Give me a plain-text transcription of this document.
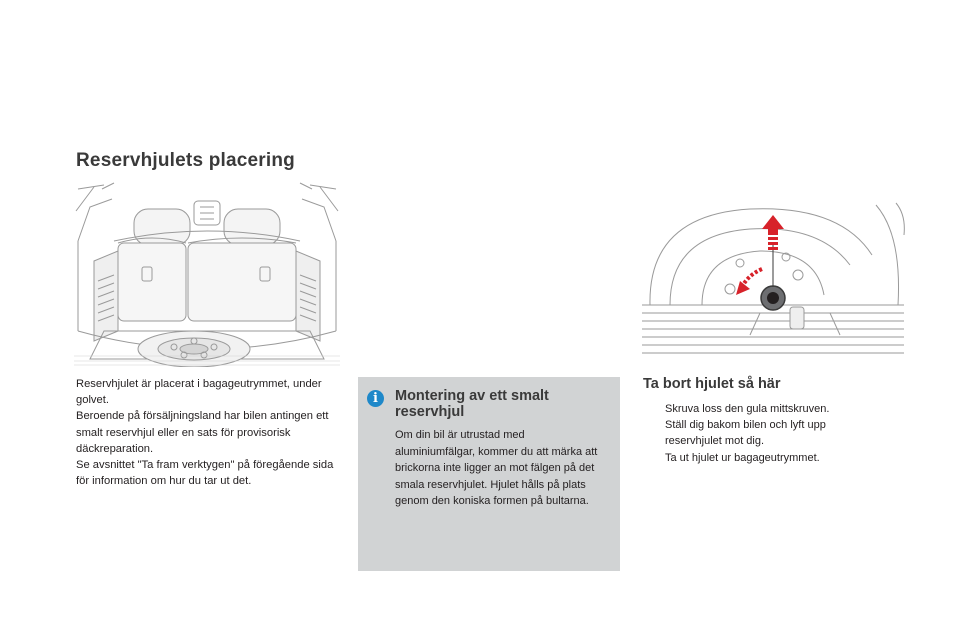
Reservhjulets placering

Reservhjulet är placerat i bagageutrymmet, under golvet.

Beroende på försäljningsland har bilen antingen ett smalt reservhjul eller en sats för provisorisk däckreparation.

Se avsnittet "Ta fram verktygen" på föregående sida för information om hur du tar ut det.

i	Montering av ett smalt reservhjul
Om din bil är utrustad med aluminiumfälgar, kommer du att märka att brickorna inte ligger an mot fälgen på det smala reservhjulet. Hjulet hålls på plats genom den koniska formen på bultarna.
Ta bort hjulet så här
Skruva loss den gula mittskruven.
Ställ dig bakom bilen och lyft upp reservhjulet mot dig.
Ta ut hjulet ur bagageutrymmet.
